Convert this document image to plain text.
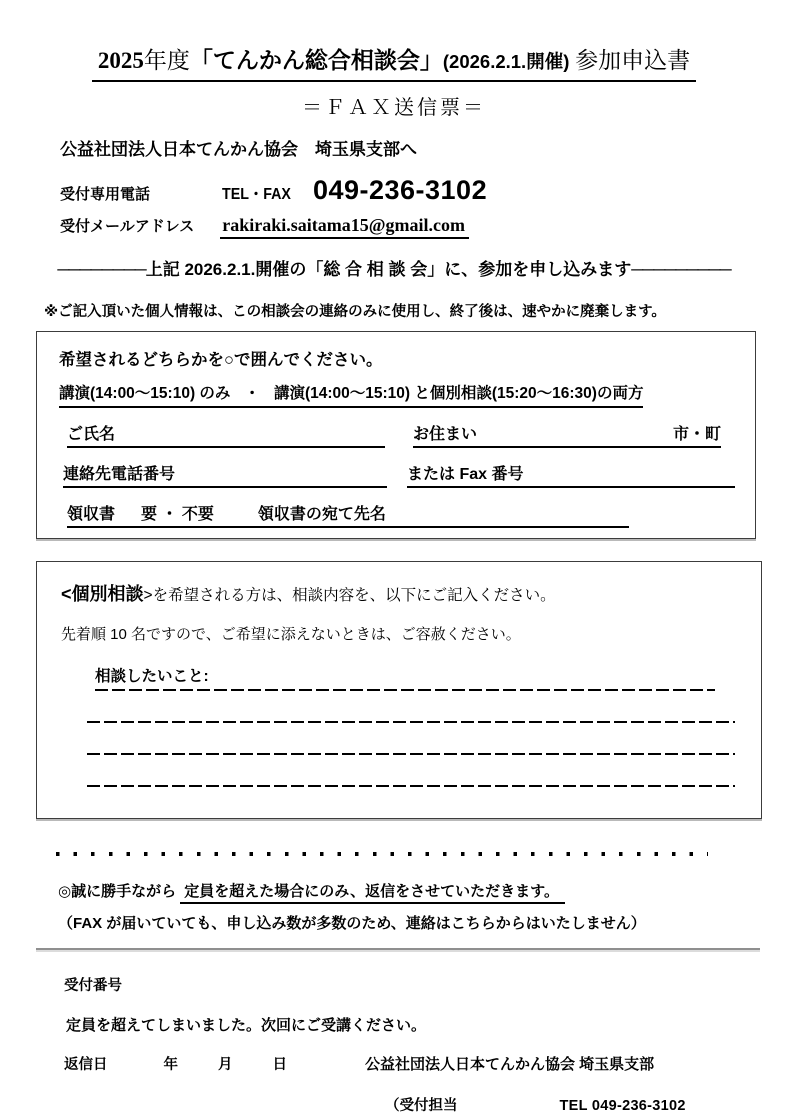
2025年度「てんかん総合相談会」(2026.2.1.開催) 参加申込書
＝ＦＡＸ送信票＝
公益社団法人日本てんかん協会　埼玉県支部へ
受付専用電話	TEL・FAX 049-236-3102
受付メールアドレス rakiraki.saitama15@gmail.com
────────上記 2026.2.1.開催の「総 合 相 談 会」に、参加を申し込みます─────────
※ご記入頂いた個人情報は、この相談会の連絡のみに使用し、終了後は、速やかに廃棄します。
希望されるどちらかを○で囲んでください。
講演(14:00～15:10) のみ ・ 講演(14:00～15:10) と個別相談(15:20～16:30)の両方
ご氏名	お住まい	市・町
連絡先電話番号	または Fax 番号
領収書 要 ・ 不要	領収書の宛て先名
<個別相談>を希望される方は、相談内容を、以下にご記入ください。
先着順 10 名ですので、ご希望に添えないときは、ご容赦ください。
相談したいこと:
◎誠に勝手ながら 定員を超えた場合にのみ、返信をさせていただきます。
（FAX が届いていても、申し込み数が多数のため、連絡はこちらからはいたしません）
受付番号
定員を超えてしまいました。次回にご受講ください。
返信日	年	月	日	公益社団法人日本てんかん協会 埼玉県支部
（受付担当	TEL 049-236-3102
